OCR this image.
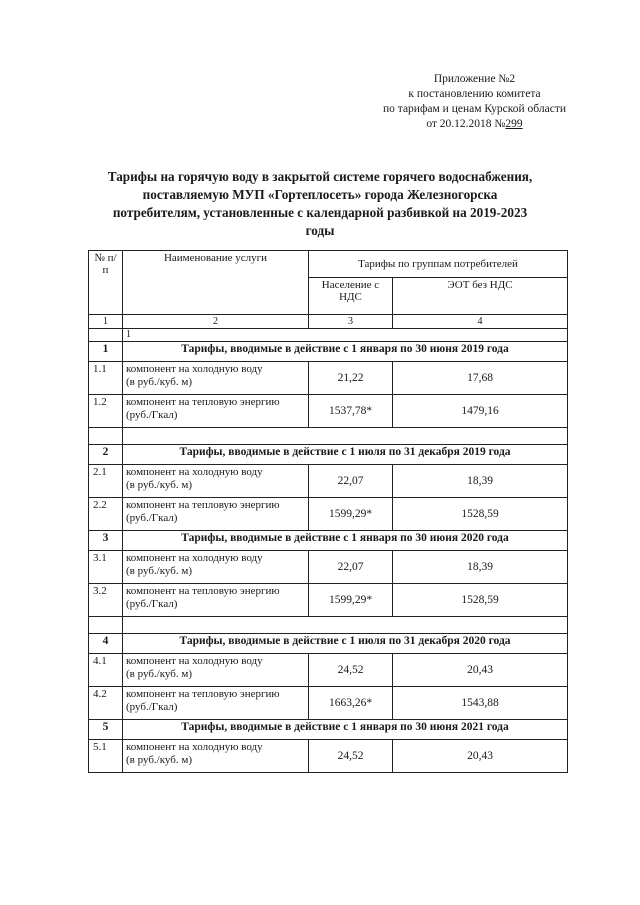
Приложение №2
к постановлению комитета
по тарифам и ценам Курской области
от 20.12.2018 №299
Тарифы на горячую воду в закрытой системе горячего водоснабжения, поставляемую МУП «Гортеплосеть» города Железногорска потребителям, установленные с календарной разбивкой на 2019-2023 годы
№ п/п	Наименование услуги	Тарифы по группам потребителей	
		Население с НДС	ЭОТ без НДС
1	2	3	4
	1		
1	Тарифы, вводимые в действие с 1 января по 30 июня 2019 года		
1.1	компонент на холодную воду
(в руб./куб. м)	21,22	17,68
1.2	компонент на тепловую энергию
(руб./Гкал)	1537,78*	1479,16

2	Тарифы, вводимые в действие с 1 июля по 31 декабря 2019 года		
2.1	компонент на холодную воду
(в руб./куб. м)	22,07	18,39
2.2	компонент на тепловую энергию
(руб./Гкал)	1599,29*	1528,59
3	Тарифы, вводимые в действие с 1 января по 30 июня 2020 года		
3.1	компонент на холодную воду
(в руб./куб. м)	22,07	18,39
3.2	компонент на тепловую энергию
(руб./Гкал)	1599,29*	1528,59

4	Тарифы, вводимые в действие с 1 июля по 31 декабря 2020 года		
4.1	компонент на холодную воду
(в руб./куб. м)	24,52	20,43
4.2	компонент на тепловую энергию
(руб./Гкал)	1663,26*	1543,88
5	Тарифы, вводимые в действие с 1 января по 30 июня 2021 года		
5.1	компонент на холодную воду
(в руб./куб. м)	24,52	20,43
